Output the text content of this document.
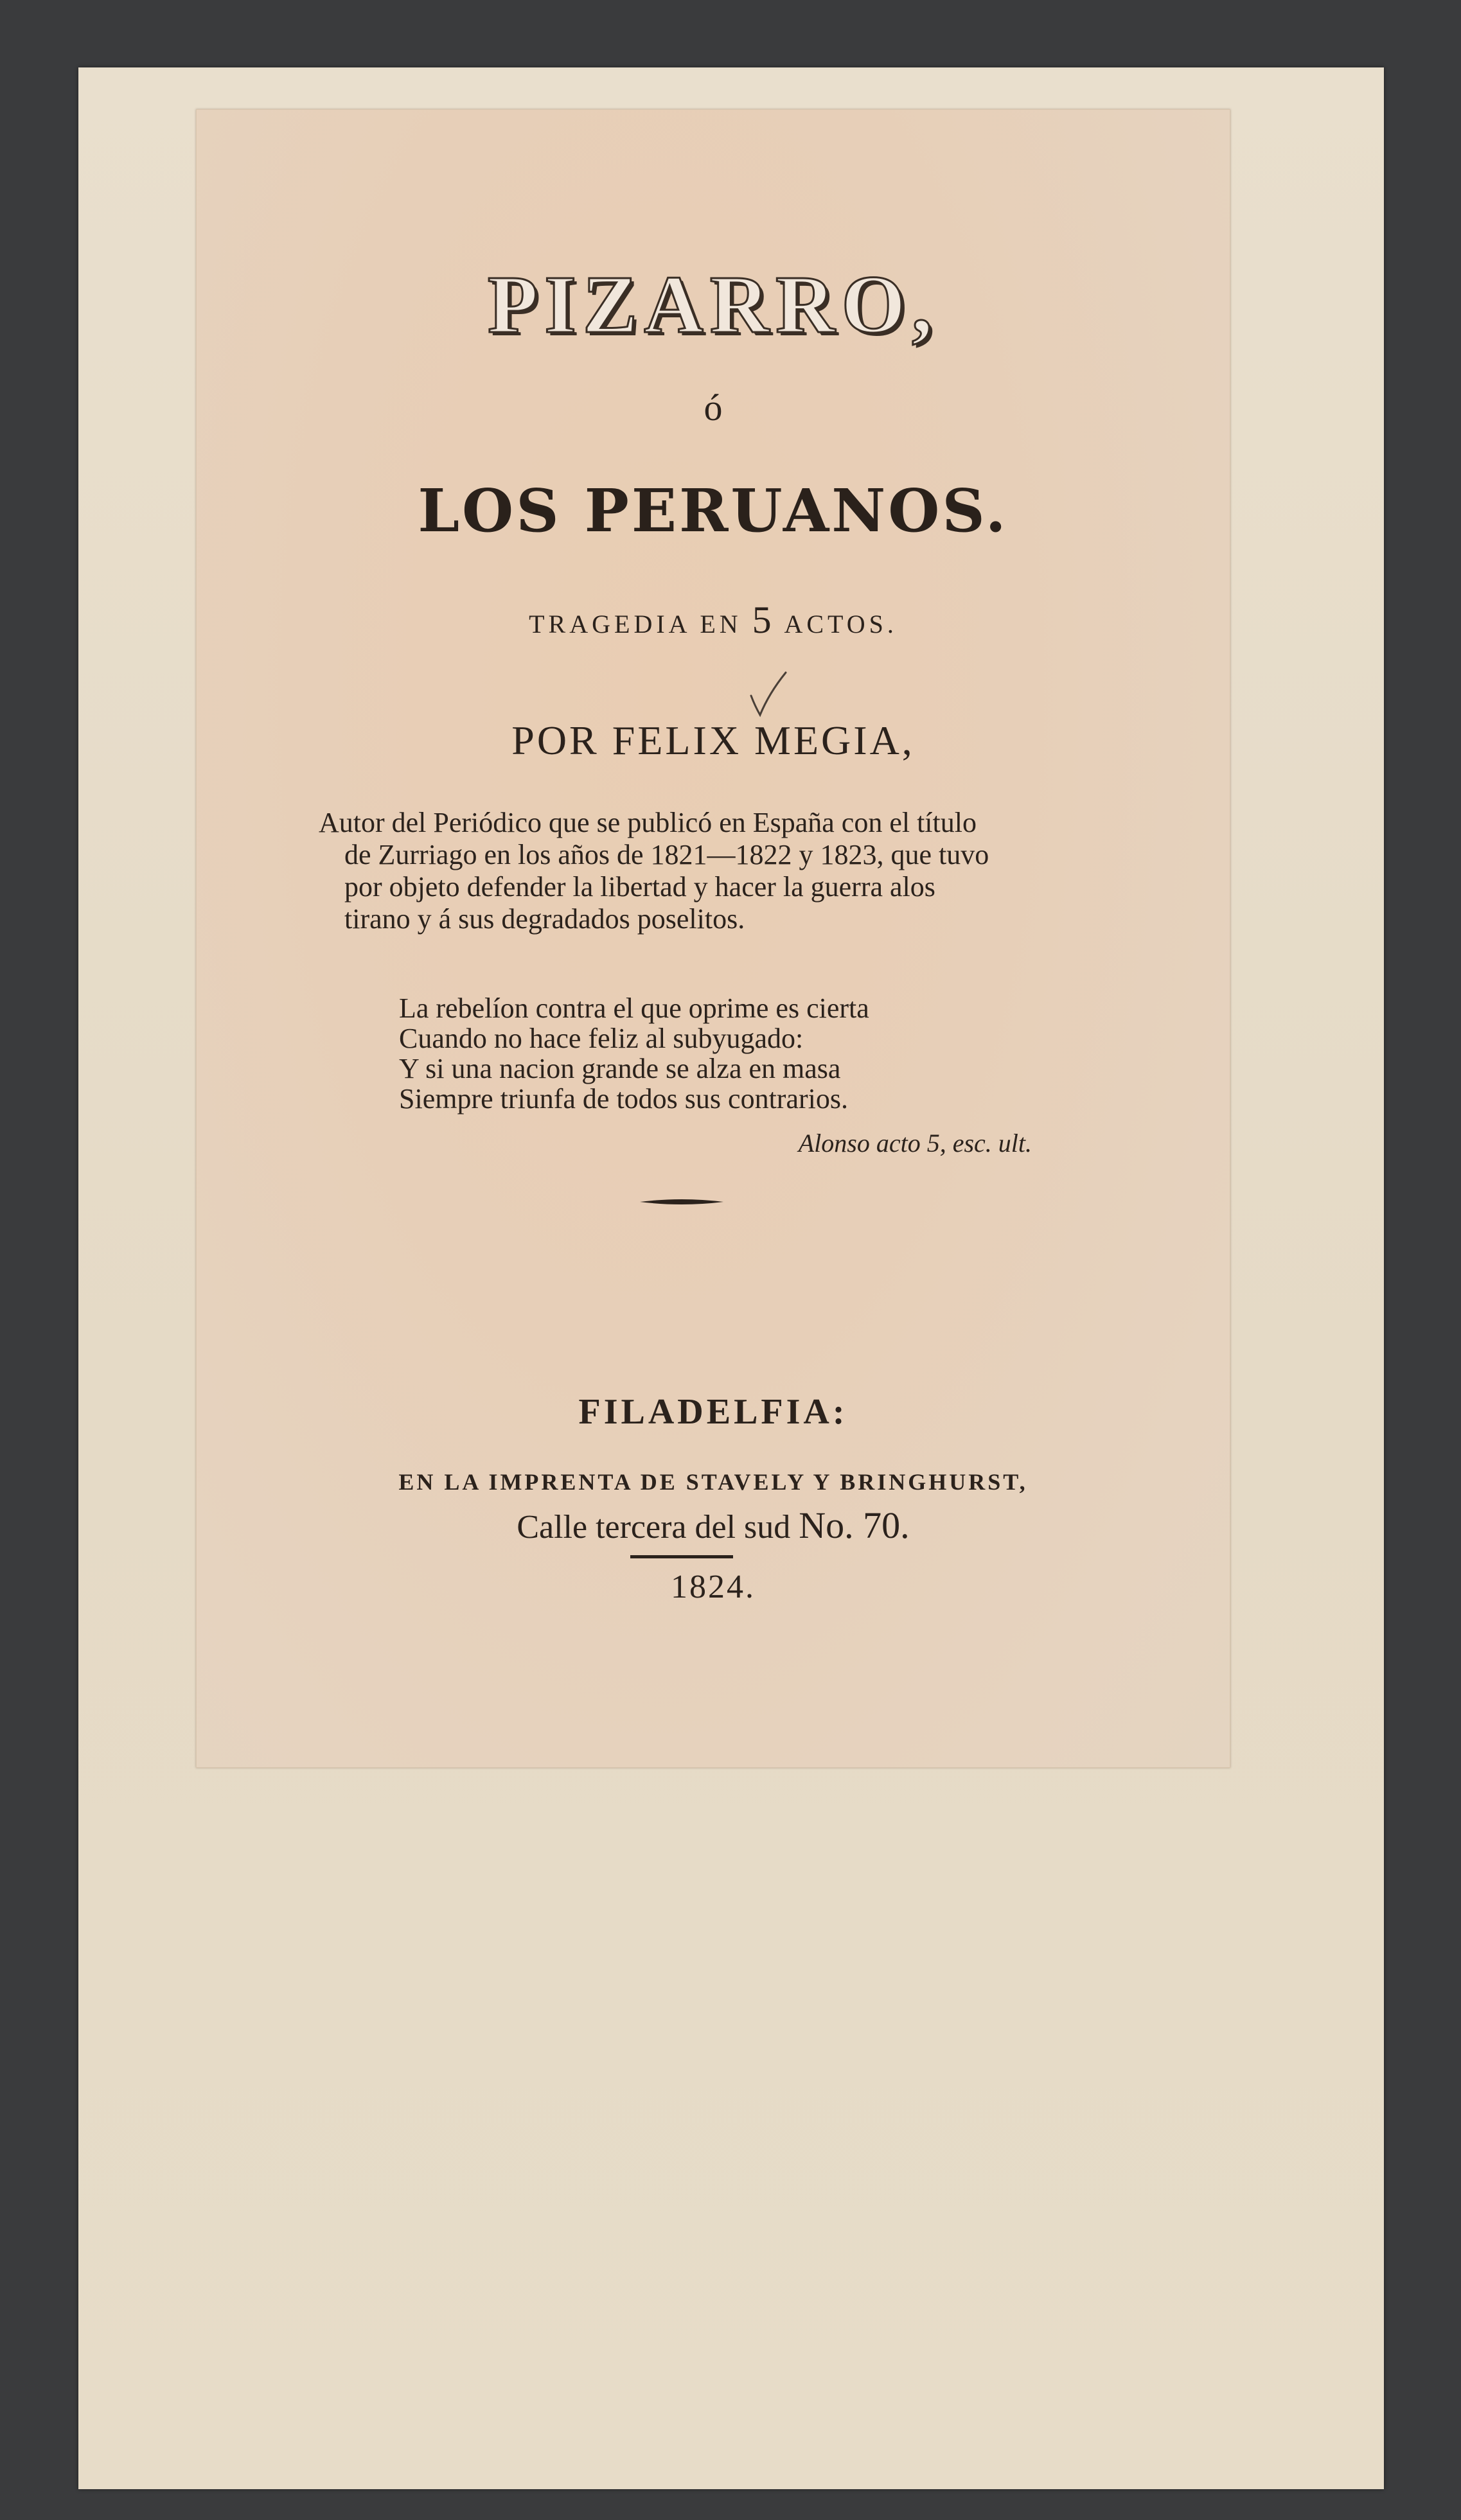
PIZARRO,
ó
LOS PERUANOS.
TRAGEDIA EN 5 ACTOS.
POR FELIX MEGIA,
Autor del Periódico que se publicó en España con el título
de Zurriago en los años de 1821—1822 y 1823, que tuvo
por objeto defender la libertad y hacer la guerra alos
tirano y á sus degradados poselitos.
La rebelíon contra el que oprime es cierta
Cuando no hace feliz al subyugado:
Y si una nacion grande se alza en masa
Siempre triunfa de todos sus contrarios.
Alonso acto 5, esc. ult.
FILADELFIA:
EN LA IMPRENTA DE STAVELY Y BRINGHURST,
Calle tercera del sud No. 70.
1824.
